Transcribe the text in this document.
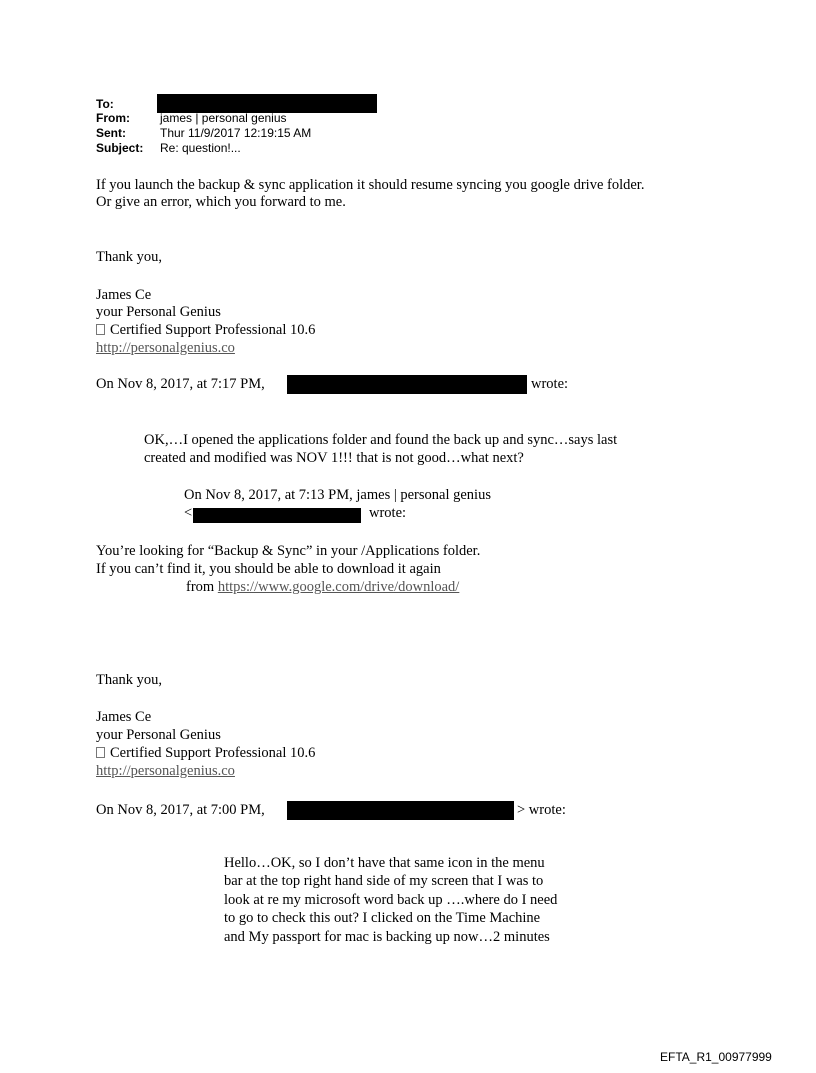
To:
From:	james | personal genius
Sent:	Thur 11/9/2017 12:19:15 AM
Subject: Re: question!...
If you launch the backup & sync application it should resume syncing you google drive folder.
Or give an error, which you forward to me.
Thank you,
James Ce
your Personal Genius
Certified Support Professional 10.6
http://personalgenius.co
On Nov 8, 2017, at 7:17 PM,	wrote:
OK,…I opened the applications folder and found the back up and sync…says last
created and modified was NOV 1!!! that is not good…what next?
On Nov 8, 2017, at 7:13 PM, james | personal genius
<	wrote:
You’re looking for “Backup & Sync” in your /Applications folder.
If you can’t find it, you should be able to download it again
from https://www.google.com/drive/download/
Thank you,
James Ce
your Personal Genius
Certified Support Professional 10.6
http://personalgenius.co
On Nov 8, 2017, at 7:00 PM,	> wrote:
Hello…OK, so I don’t have that same icon in the menu
bar at the top right hand side of my screen that I was to
look at re my microsoft word back up ….where do I need
to go to check this out? I clicked on the Time Machine
and My passport for mac is backing up now…2 minutes
EFTA_R1_00977999
